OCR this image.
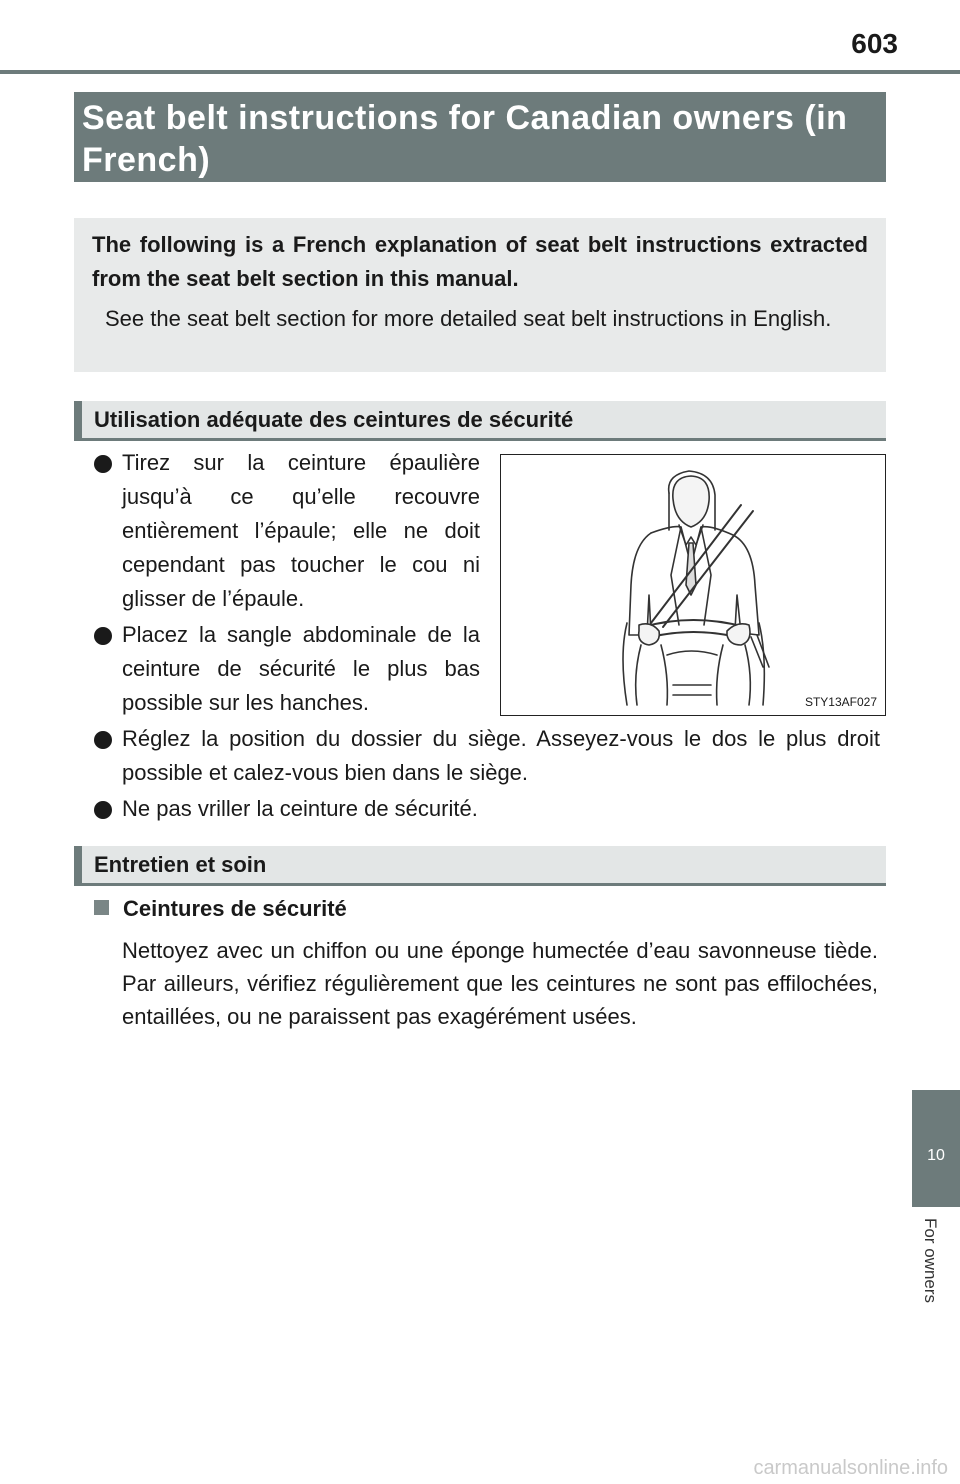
603
Seat belt instructions for Canadian owners (in French)
The following is a French explanation of seat belt instructions extracted from the seat belt section in this manual.
See the seat belt section for more detailed seat belt instructions in English.
Utilisation adéquate des ceintures de sécurité
Tirez sur la ceinture épaulière jusqu’à ce qu’elle recouvre entièrement l’épaule; elle ne doit cependant pas toucher le cou ni glisser de l’épaule.
Placez la sangle abdominale de la ceinture de sécurité le plus bas possible sur les hanches.
Réglez la position du dossier du siège. Asseyez-vous le dos le plus droit possible et calez-vous bien dans le siège.
Ne pas vriller la ceinture de sécurité.
STY13AF027
Entretien et soin
Ceintures de sécurité
Nettoyez avec un chiffon ou une éponge humectée d’eau savonneuse tiède. Par ailleurs, vérifiez régulièrement que les ceintures ne sont pas effilochées, entaillées, ou ne paraissent pas exagérément usées.
10
For owners
carmanualsonline.info
